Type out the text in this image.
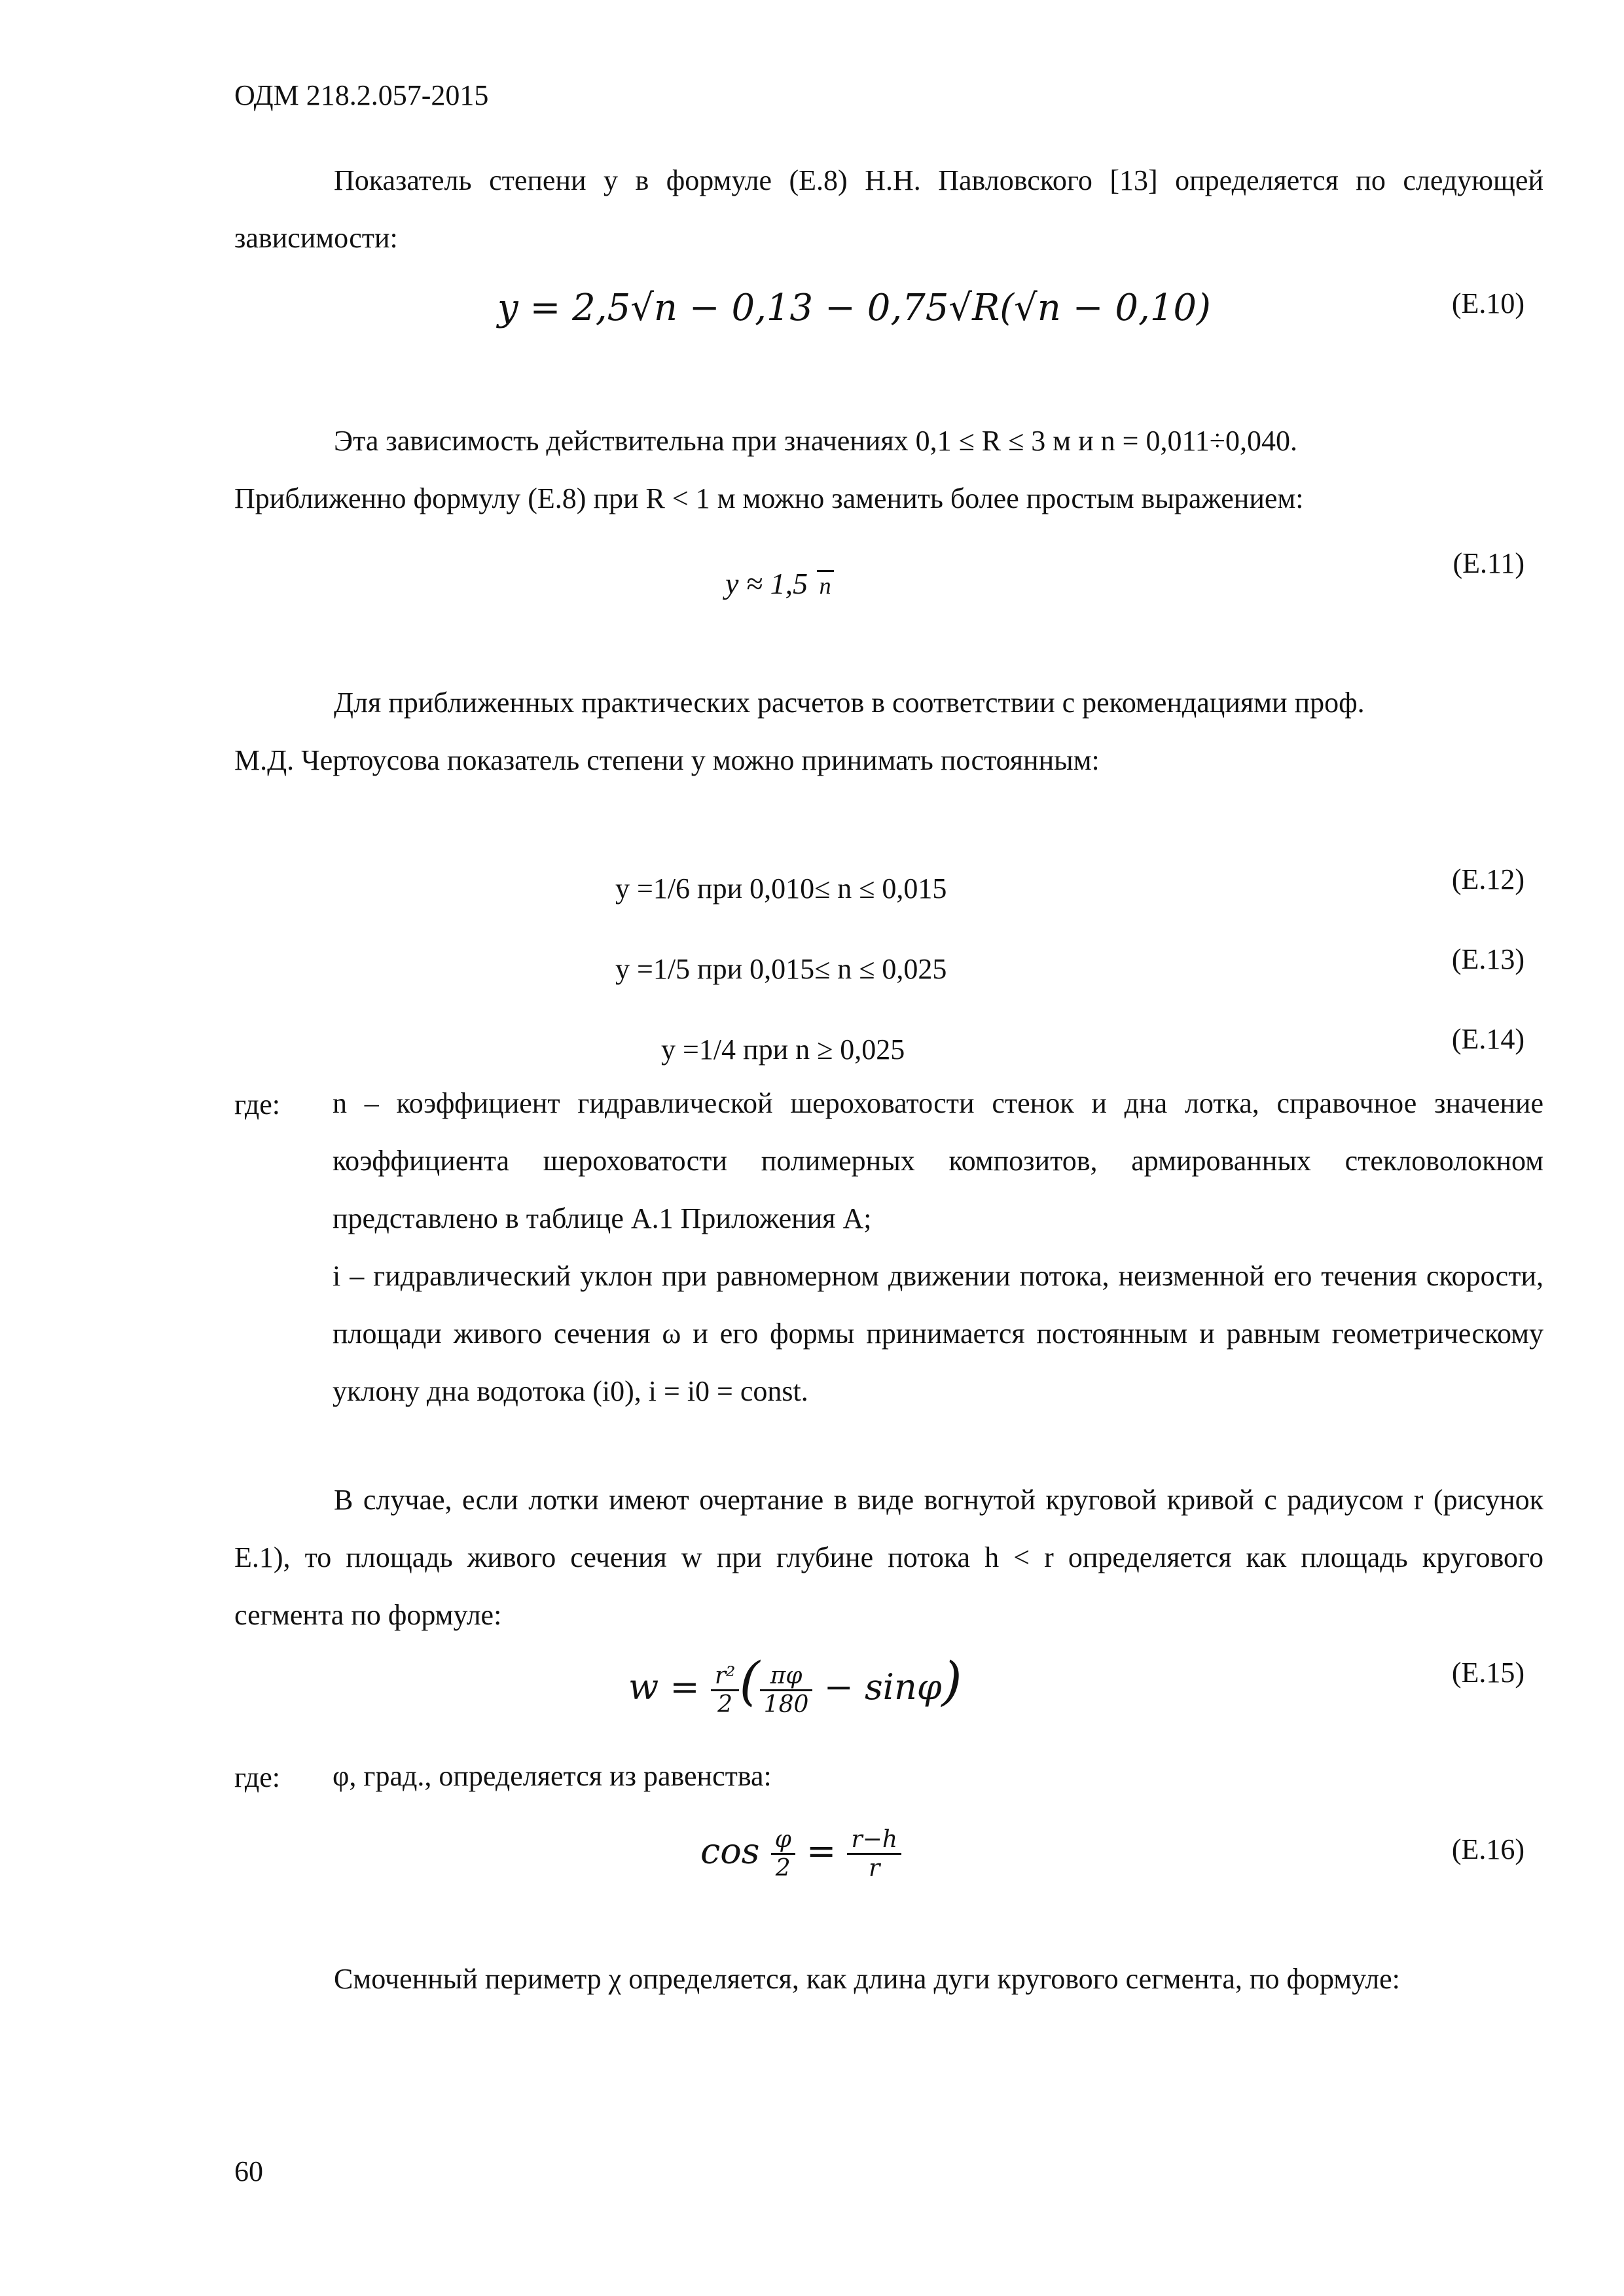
ОДМ 218.2.057-2015
Показатель степени y в формуле (Е.8) Н.Н. Павловского [13] определяется по следующей зависимости:
y = 2,5√n − 0,13 − 0,75√R(√n − 0,10)	(Е.10)
Эта зависимость действительна при значениях 0,1 ≤ R ≤ 3 м и n = 0,011÷0,040.
Приближенно формулу (Е.8) при R < 1 м можно заменить более простым выражением:
y ≈ 1,5 n
(Е.11)
Для приближенных практических расчетов в соответствии с рекомендациями проф.
М.Д. Чертоусова показатель степени y можно принимать постоянным:
y =1/6 при 0,010≤ n ≤ 0,015	(Е.12)
y =1/5 при 0,015≤ n ≤ 0,025	(Е.13)
y =1/4 при n ≥ 0,025	(Е.14)
где: n – коэффициент гидравлической шероховатости стенок и дна лотка, справочное значение коэффициента шероховатости полимерных композитов, армированных стекловолокном представлено в таблице А.1 Приложения А;
i – гидравлический уклон при равномерном движении потока, неизменной его течения скорости, площади живого сечения ω и его формы принимается постоянным и равным геометрическому уклону дна водотока (i0), i = i0 = const.
В случае, если лотки имеют очертание в виде вогнутой круговой кривой с радиусом r (рисунок Е.1), то площадь живого сечения w при глубине потока h < r определяется как площадь кругового сегмента по формуле:
$w = \frac{\text{r²}}{2}$ ( $\frac{\pi\varphi}{180} - \sin\varphi$)	(Е.15)
где: φ, град., определяется из равенства:
$\cos \frac{\varphi}{2} = \frac{r-h}{r}$	(Е.16)
Смоченный периметр χ определяется, как длина дуги кругового сегмента, по формуле:
60
